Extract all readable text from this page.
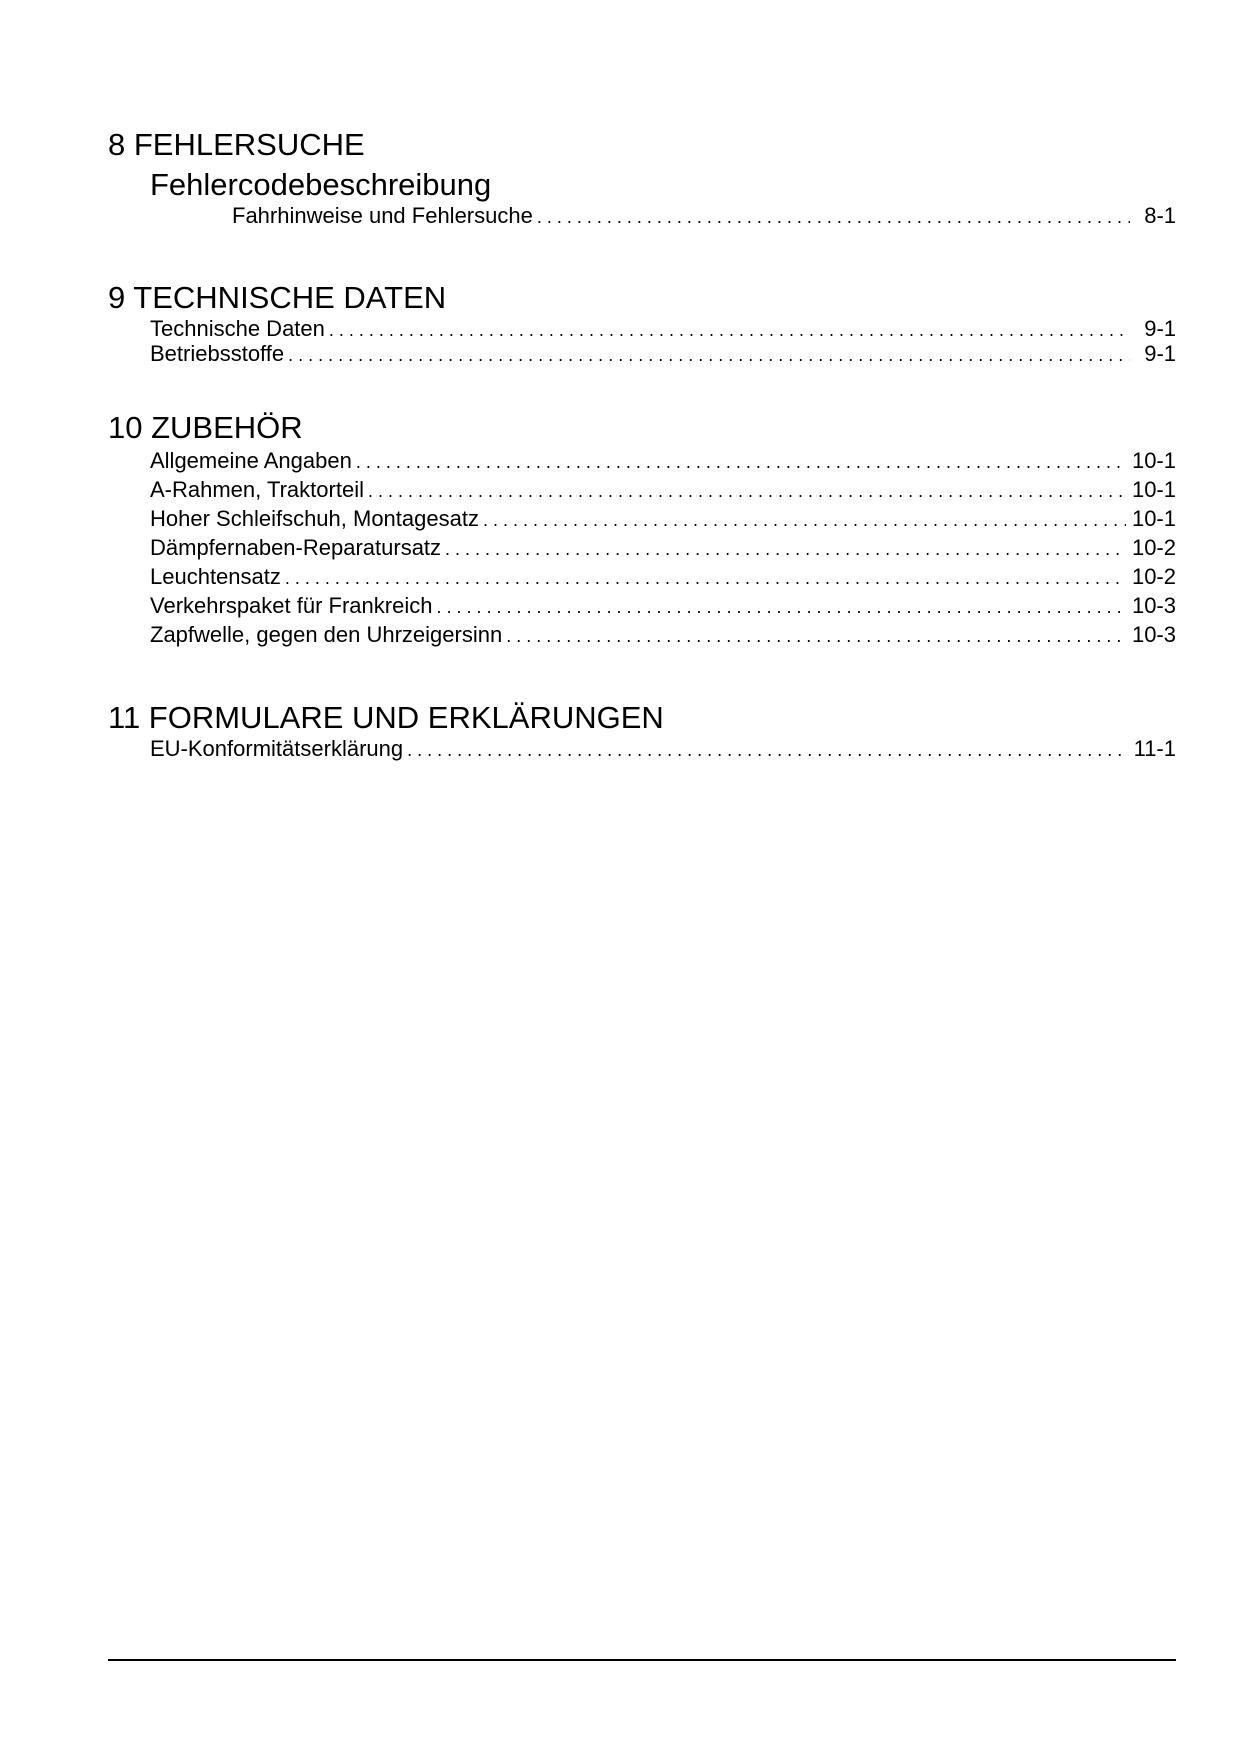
8 FEHLERSUCHE
Fehlercodebeschreibung
Fahrhinweise und Fehlersuche . . .	8-1
9 TECHNISCHE DATEN
Technische Daten . . .	9-1
Betriebsstoffe . . .	9-1
10 ZUBEHÖR
Allgemeine Angaben . . .	10-1
A-Rahmen, Traktorteil . . .	10-1
Hoher Schleifschuh, Montagesatz . . .	10-1
Dämpfernaben-Reparatursatz . . .	10-2
Leuchtensatz . . .	10-2
Verkehrspaket für Frankreich . . .	10-3
Zapfwelle, gegen den Uhrzeigersinn . . .	10-3
11 FORMULARE UND ERKLÄRUNGEN
EU-Konformitätserklärung . . .	11-1
